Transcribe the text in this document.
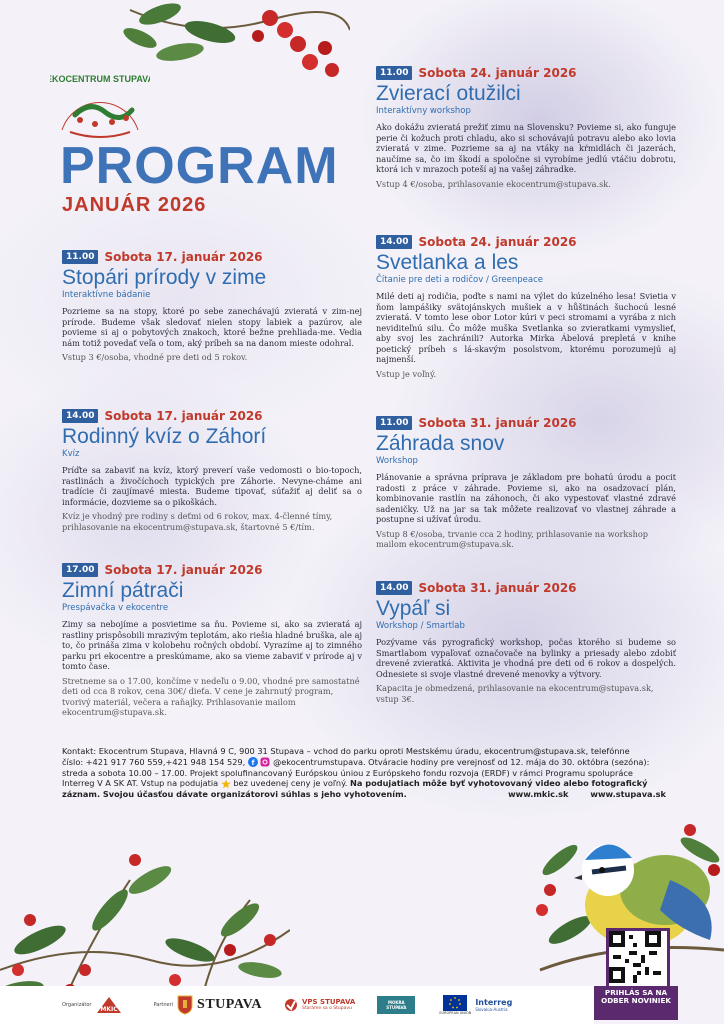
EKOCENTRUM STUPAVA
PROGRAM
JANUÁR 2026
11.00 Sobota 17. január 2026
Stopári prírody v zime
Interaktívne bádanie

Pozrieme sa na stopy, ktoré po sebe zanechávajú zvieratá v zim-nej prírode. Budeme však sledovať nielen stopy labiek a pazúrov, ale povieme si aj o pobytových znakoch, ktoré bežne prehliada-me. Vedia nám totiž povedať veľa o tom, aký príbeh sa na danom mieste odohral.

Vstup 3 €/osoba, vhodné pre deti od 5 rokov.

14.00 Sobota 17. január 2026
Rodinný kvíz o Záhorí
Kvíz

Príďte sa zabaviť na kvíz, ktorý preverí vaše vedomosti o bio-topoch, rastlinách a živočíchoch typických pre Záhorie. Nevyne-cháme ani tradície či zaujímavé miesta. Budeme tipovať, súťažiť aj deliť sa o informácie, dozvieme sa o pikoškách.

Kvíz je vhodný pre rodiny s deťmi od 6 rokov, max. 4-členné tímy, prihlasovanie na ekocentrum@stupava.sk, štartovné 5 €/tím.

17.00 Sobota 17. január 2026
Zimní pátrači
Prespávačka v ekocentre

Zimy sa nebojíme a posvietime sa ňu. Povieme si, ako sa zvieratá aj rastliny prispôsobili mrazivým teplotám, ako riešia hladné bruška, ale aj to, čo prináša zima v kolobehu ročných období. Vyrazíme aj to zimného parku pri ekocentre a preskúmame, ako sa vieme zabaviť v prírode aj v tomto čase.

Stretneme sa o 17.00, končíme v nedeľu o 9.00, vhodné pre samostatné deti od cca 8 rokov, cena 30€/ dieťa. V cene je zahrnutý program, tvorivý materiál, večera a raňajky. Prihlasovanie mailom ekocentrum@stupava.sk.

11.00 Sobota 24. január 2026
Zvierací otužilci
Interaktívny workshop

Ako dokážu zvieratá prežiť zimu na Slovensku? Povieme si, ako funguje perie či kožuch proti chladu, ako si schovávajú potravu alebo ako lovia zvieratá v zime. Pozrieme sa aj na vtáky na kŕmidlách či jazerách, naučíme sa, čo im škodí a spoločne si vyrobíme jedlú vtáčiu dobrotu, ktorá ich v mrazoch poteší aj na vašej záhradke.

Vstup 4 €/osoba, prihlasovanie ekocentrum@stupava.sk.

14.00 Sobota 24. január 2026
Svetlanka a les
Čítanie pre deti a rodičov / Greenpeace

Milé deti aj rodičia, poďte s nami na výlet do kúzelného lesa! Svietia v ňom lampášiky svätojánskych mušiek a v hůštinách šuchocú lesné zvieratá. V tomto lese obor Lotor kúri v peci stromami a vyrába z nich neviditeľnú silu. Čo môže muška Svetlanka so zvieratkami vymyslieť, aby svoj les zachránili? Autorka Mirka Ábelová prepletá v knihe poetický príbeh s lá-skavým posolstvom, ktorému porozumejú aj najmenší.

Vstup je voľný.

11.00 Sobota 31. január 2026
Záhrada snov
Workshop

Plánovanie a správna príprava je základom pre bohatú úrodu a pocit radosti z práce v záhrade. Povieme si, ako na osadzovací plán, kombinovanie rastlín na záhonoch, či ako vypestovať vlastné zdravé sadeničky. Už na jar sa tak môžete realizovať vo vlastnej záhrade a postupne si užívať úrodu.

Vstup 8 €/osoba, trvanie cca 2 hodiny, prihlasovanie na workshop mailom ekocentrum@stupava.sk.

14.00 Sobota 31. január 2026
Vypáľ si
Workshop / Smartlab

Pozývame vás pyrografický workshop, počas ktorého si budeme so Smartlabom vypaľovať označovače na bylinky a priesady alebo zdobiť drevené zvieratká. Aktivita je vhodná pre deti od 6 rokov a dospelých. Odnesiete si svoje vlastné drevené menovky a výtvory.

Kapacita je obmedzená, prihlasovanie na ekocentrum@stupava.sk, vstup 3€.

Kontakt: Ekocentrum Stupava, Hlavná 9 C, 900 31 Stupava – vchod do parku oproti Mestskému úradu, ekocentrum@stupava.sk, telefónne

číslo: +421 917 760 559,+421 948 154 529, f @ekocentrumstupava. Otváracie hodiny pre verejnosť od 12. mája do 30. októbra (sezóna):

streda a sobota 10.00 – 17.00. Projekt spolufinancovaný Európskou úniou z Európskeho fondu rozvoja (ERDF) v rámci Programu spolupráce

Interreg V A SK AT. Vstup na podujatia bez uvedenej ceny je voľný. Na podujatiach môže byť vyhotovovaný video alebo fotografický

záznam. Svojou účasťou dávate organizátorovi súhlas s jeho vyhotovením.	www.mkic.sk	www.stupava.sk
PRIHLÁS SA NA ODBER NOVINIEK
Organizátor
MKIC
Partneri STUPAVA	VPS STUPAVA
Staráme sa o Stupavu
MOKRA STUPAVA
EUROPEAN UNION
Interreg
Slovakia-Austria
